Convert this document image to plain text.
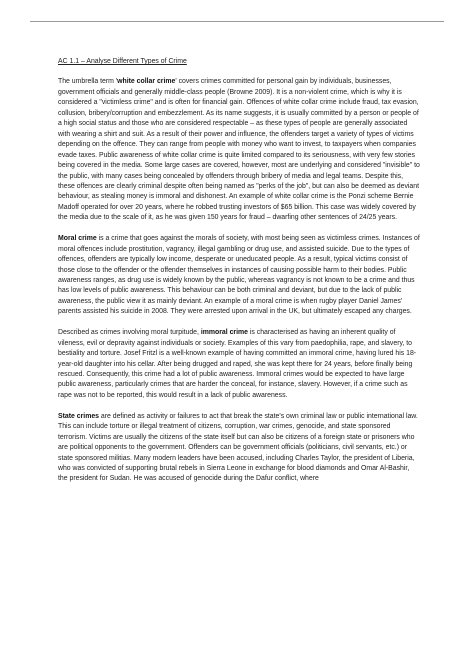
AC 1.1 – Analyse Different Types of Crime

The umbrella term 'white collar crime' covers crimes committed for personal gain by individuals, businesses, government officials and generally middle-class people (Browne 2009). It is a non-violent crime, which is why it is considered a "victimless crime" and is often for financial gain. Offences of white collar crime include fraud, tax evasion, collusion, bribery/corruption and embezzlement. As its name suggests, it is usually committed by a person or people of a high social status and those who are considered respectable – as these types of people are generally associated with wearing a shirt and suit. As a result of their power and influence, the offenders target a variety of types of victims depending on the offence. They can range from people with money who want to invest, to taxpayers when companies evade taxes. Public awareness of white collar crime is quite limited compared to its seriousness, with very few stories being covered in the media. Some large cases are covered, however, most are underlying and considered "invisible" to the public, with many cases being concealed by offenders through bribery of media and legal teams. Despite this, these offences are clearly criminal despite often being named as "perks of the job", but can also be deemed as deviant behaviour, as stealing money is immoral and dishonest. An example of white collar crime is the Ponzi scheme Bernie Madoff operated for over 20 years, where he robbed trusting investors of $65 billion. This case was widely covered by the media due to the scale of it, as he was given 150 years for fraud – dwarfing other sentences of 24/25 years.

Moral crime is a crime that goes against the morals of society, with most being seen as victimless crimes. Instances of moral offences include prostitution, vagrancy, illegal gambling or drug use, and assisted suicide. Due to the types of offences, offenders are typically low income, desperate or uneducated people. As a result, typical victims consist of those close to the offender or the offender themselves in instances of causing possible harm to their bodies. Public awareness ranges, as drug use is widely known by the public, whereas vagrancy is not known to be a crime and thus has low levels of public awareness. This behaviour can be both criminal and deviant, but due to the lack of public awareness, the public view it as mainly deviant. An example of a moral crime is when rugby player Daniel James' parents assisted his suicide in 2008. They were arrested upon arrival in the UK, but ultimately escaped any charges.

Described as crimes involving moral turpitude, immoral crime is characterised as having an inherent quality of vileness, evil or depravity against individuals or society. Examples of this vary from paedophilia, rape, and slavery, to bestiality and torture. Josef Fritzl is a well-known example of having committed an immoral crime, having lured his 18-year-old daughter into his cellar. After being drugged and raped, she was kept there for 24 years, before finally being rescued. Consequently, this crime had a lot of public awareness. Immoral crimes would be expected to have large public awareness, particularly crimes that are harder the conceal, for instance, slavery. However, if a crime such as rape was not to be reported, this would result in a lack of public awareness.

State crimes are defined as activity or failures to act that break the state's own criminal law or public international law. This can include torture or illegal treatment of citizens, corruption, war crimes, genocide, and state sponsored terrorism. Victims are usually the citizens of the state itself but can also be citizens of a foreign state or prisoners who are political opponents to the government. Offenders can be government officials (politicians, civil servants, etc.) or state sponsored militias. Many modern leaders have been accused, including Charles Taylor, the president of Liberia, who was convicted of supporting brutal rebels in Sierra Leone in exchange for blood diamonds and Omar Al-Bashir, the president for Sudan. He was accused of genocide during the Dafur conflict, where
